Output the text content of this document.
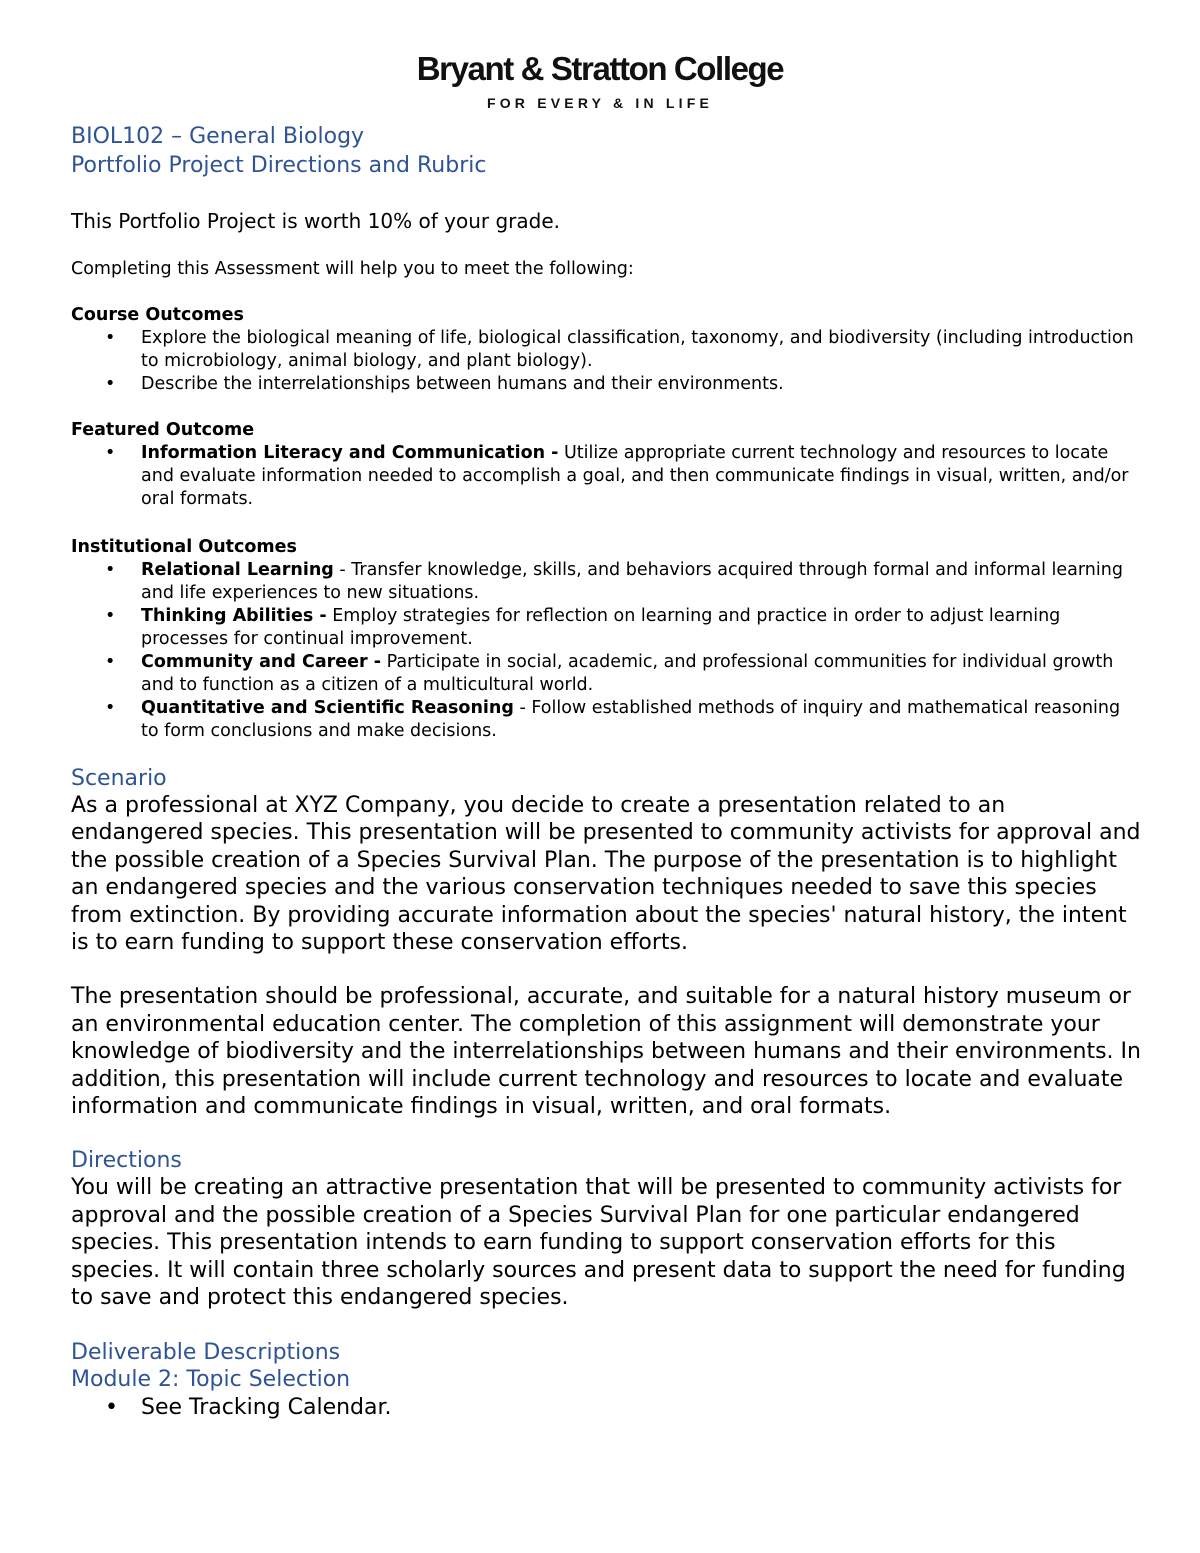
Bryant & Stratton College
FOR EVERY & IN LIFE

BIOL102 – General Biology

Portfolio Project Directions and Rubric

This Portfolio Project is worth 10% of your grade.

Completing this Assessment will help you to meet the following:

Course Outcomes
• Explore the biological meaning of life, biological classification, taxonomy, and biodiversity (including introduction to microbiology, animal biology, and plant biology).
• Describe the interrelationships between humans and their environments.
Featured Outcome
• Information Literacy and Communication - Utilize appropriate current technology and resources to locate and evaluate information needed to accomplish a goal, and then communicate findings in visual, written, and/or oral formats.
Institutional Outcomes
• Relational Learning - Transfer knowledge, skills, and behaviors acquired through formal and informal learning and life experiences to new situations.
• Thinking Abilities - Employ strategies for reflection on learning and practice in order to adjust learning processes for continual improvement.
• Community and Career - Participate in social, academic, and professional communities for individual growth and to function as a citizen of a multicultural world.
• Quantitative and Scientific Reasoning - Follow established methods of inquiry and mathematical reasoning to form conclusions and make decisions.

Scenario

As a professional at XYZ Company, you decide to create a presentation related to an endangered species. This presentation will be presented to community activists for approval and the possible creation of a Species Survival Plan. The purpose of the presentation is to highlight an endangered species and the various conservation techniques needed to save this species from extinction. By providing accurate information about the species' natural history, the intent is to earn funding to support these conservation efforts.

The presentation should be professional, accurate, and suitable for a natural history museum or an environmental education center. The completion of this assignment will demonstrate your knowledge of biodiversity and the interrelationships between humans and their environments. In addition, this presentation will include current technology and resources to locate and evaluate information and communicate findings in visual, written, and oral formats.

Directions

You will be creating an attractive presentation that will be presented to community activists for approval and the possible creation of a Species Survival Plan for one particular endangered species. This presentation intends to earn funding to support conservation efforts for this species. It will contain three scholarly sources and present data to support the need for funding to save and protect this endangered species.

Deliverable Descriptions

Module 2: Topic Selection

• See Tracking Calendar.
